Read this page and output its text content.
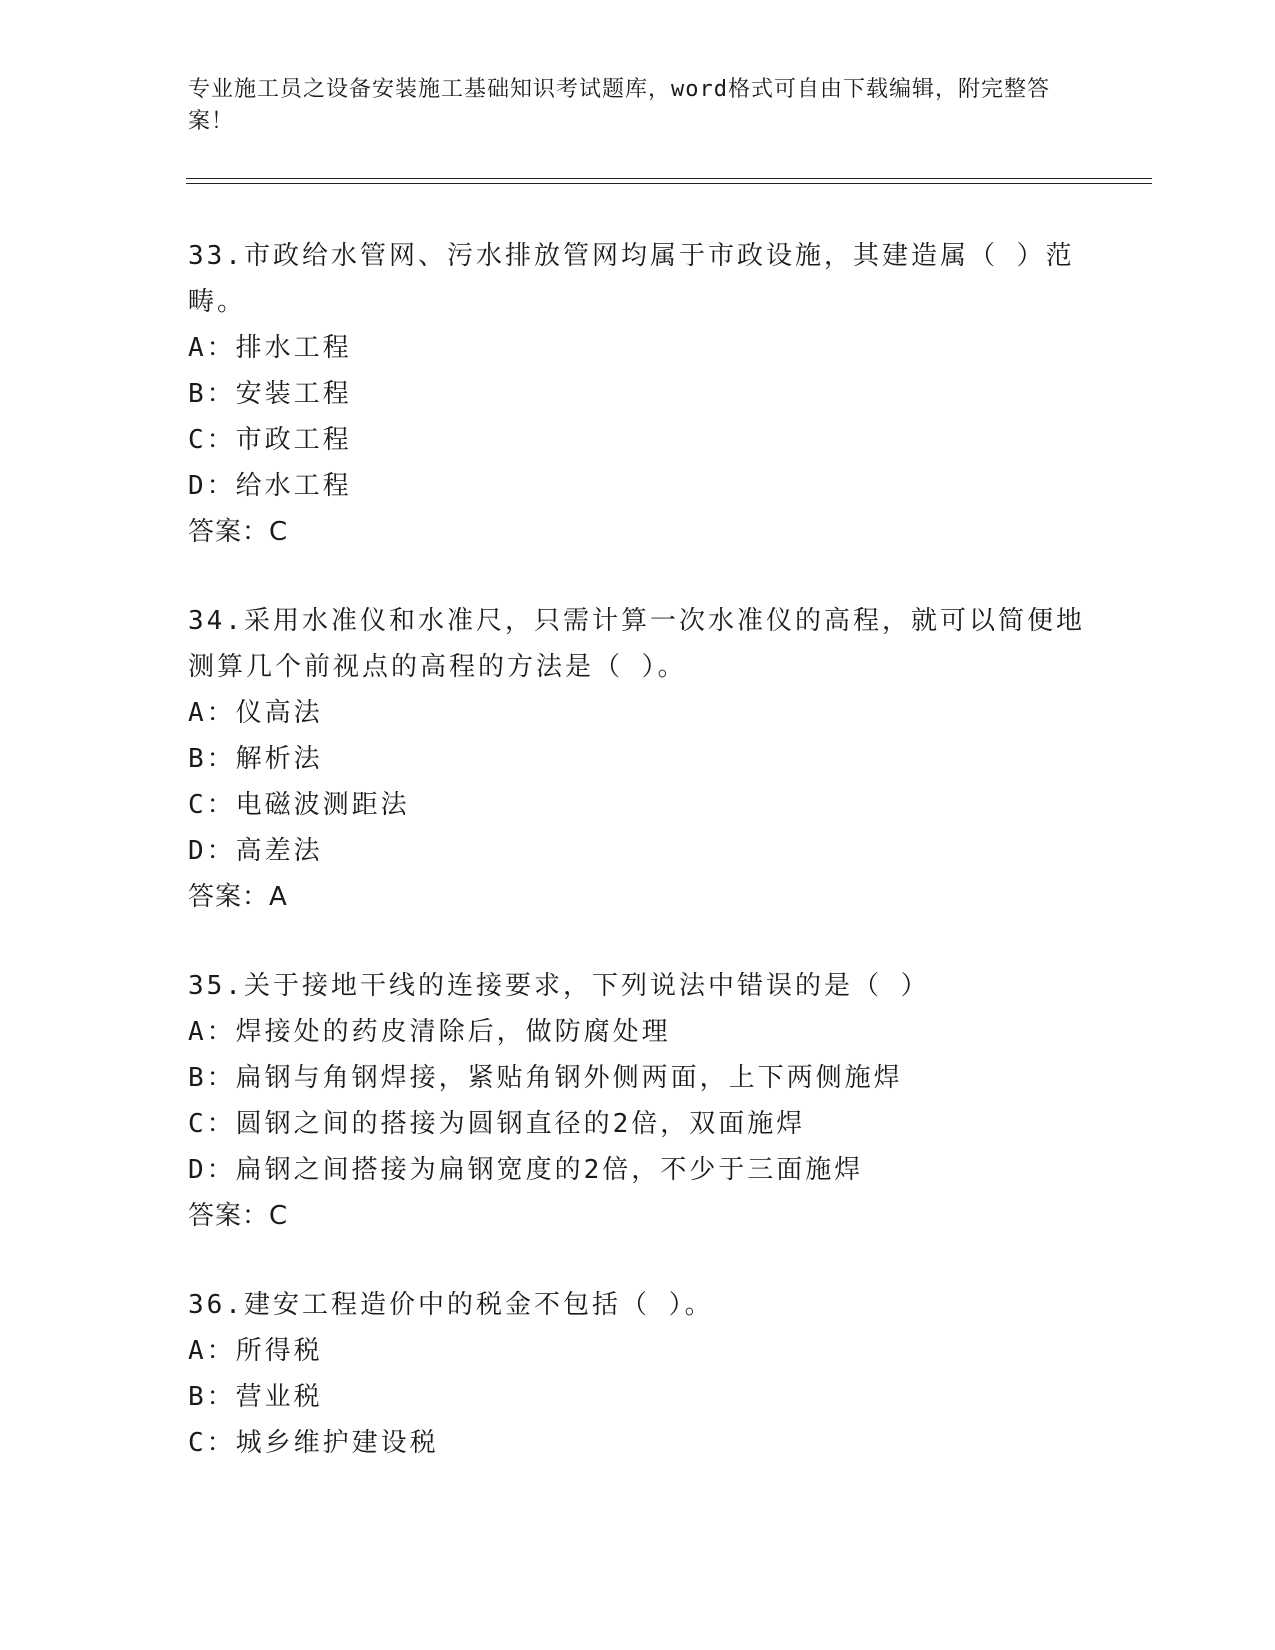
专业施工员之设备安装施工基础知识考试题库，word格式可自由下载编辑，附完整答案！

33.市政给水管网、污水排放管网均属于市政设施，其建造属（ ）范畴。

A：排水工程

B：安装工程

C：市政工程

D：给水工程

答案：C

34.采用水准仪和水准尺，只需计算一次水准仪的高程，就可以简便地测算几个前视点的高程的方法是（ ）。

A：仪高法

B：解析法

C：电磁波测距法

D：高差法

答案：A

35.关于接地干线的连接要求，下列说法中错误的是（ ）

A：焊接处的药皮清除后，做防腐处理

B：扁钢与角钢焊接，紧贴角钢外侧两面，上下两侧施焊

C：圆钢之间的搭接为圆钢直径的2倍，双面施焊

D：扁钢之间搭接为扁钢宽度的2倍，不少于三面施焊

答案：C

36.建安工程造价中的税金不包括（ ）。

A：所得税

B：营业税

C：城乡维护建设税
